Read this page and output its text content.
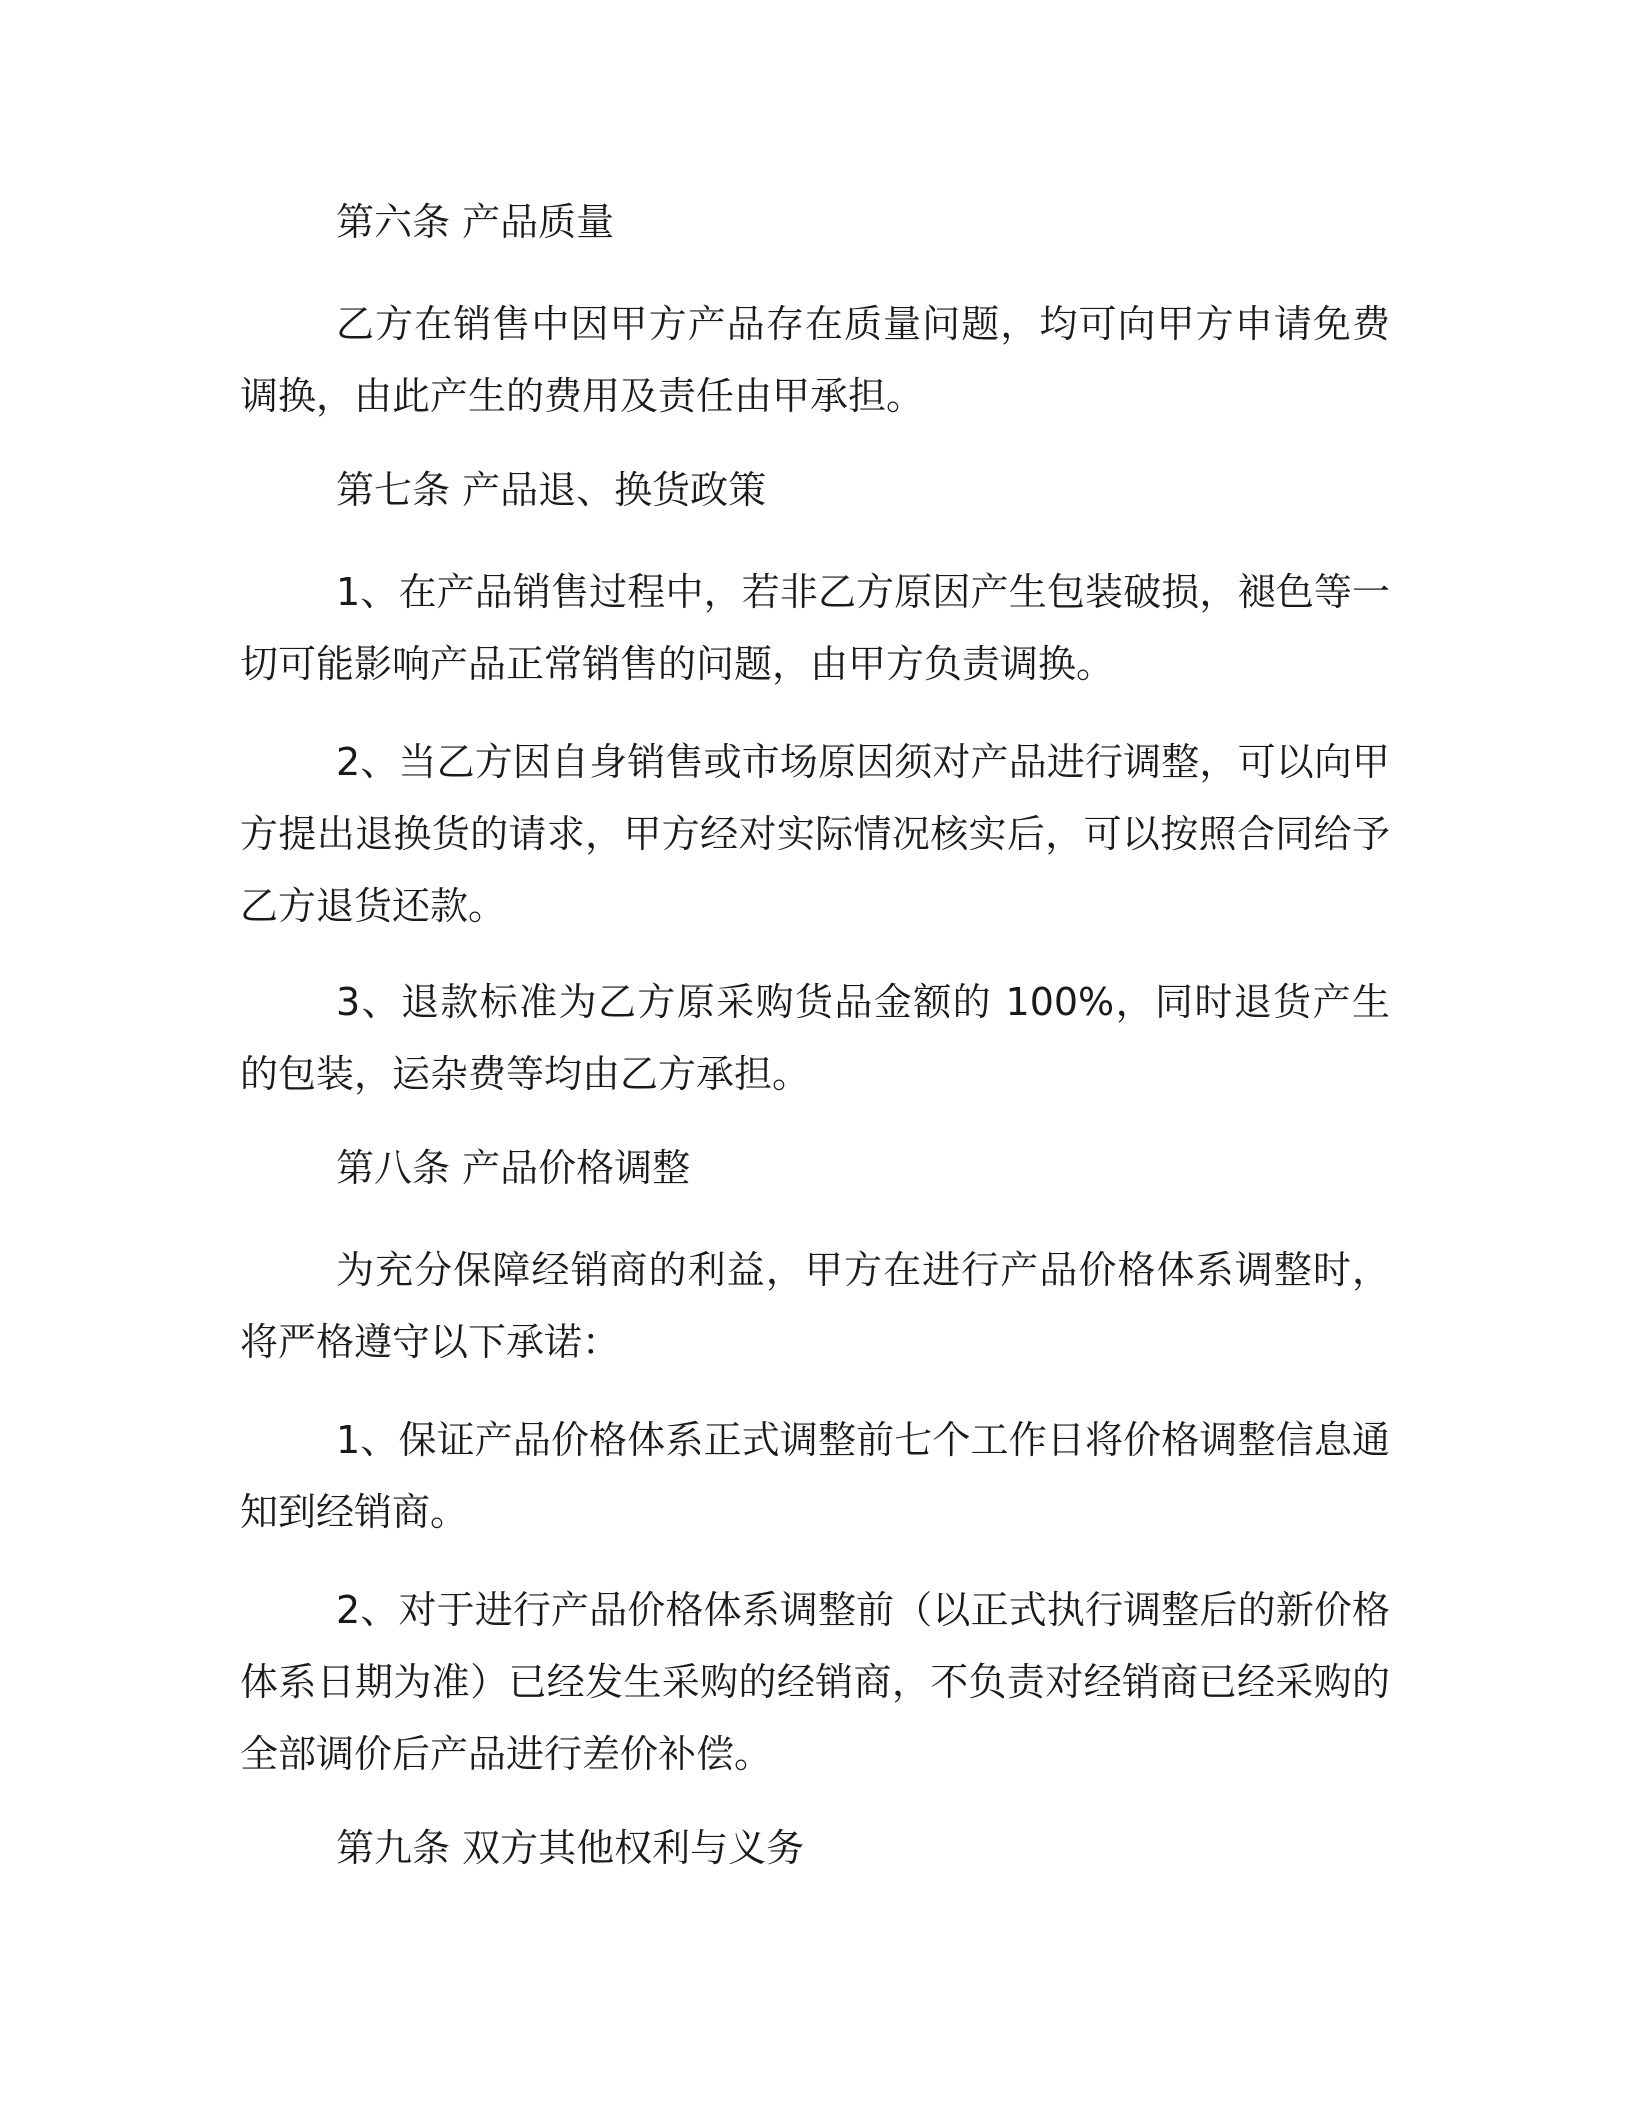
第六条 产品质量

乙方在销售中因甲方产品存在质量问题，均可向甲方申请免费调换，由此产生的费用及责任由甲承担。

第七条 产品退、换货政策

1、在产品销售过程中，若非乙方原因产生包装破损，褪色等一切可能影响产品正常销售的问题，由甲方负责调换。

2、当乙方因自身销售或市场原因须对产品进行调整，可以向甲方提出退换货的请求，甲方经对实际情况核实后，可以按照合同给予乙方退货还款。

3、退款标准为乙方原采购货品金额的 100%，同时退货产生的包装，运杂费等均由乙方承担。

第八条 产品价格调整

为充分保障经销商的利益，甲方在进行产品价格体系调整时，将严格遵守以下承诺：

1、保证产品价格体系正式调整前七个工作日将价格调整信息通知到经销商。

2、对于进行产品价格体系调整前（以正式执行调整后的新价格体系日期为准）已经发生采购的经销商，不负责对经销商已经采购的全部调价后产品进行差价补偿。

第九条 双方其他权利与义务
